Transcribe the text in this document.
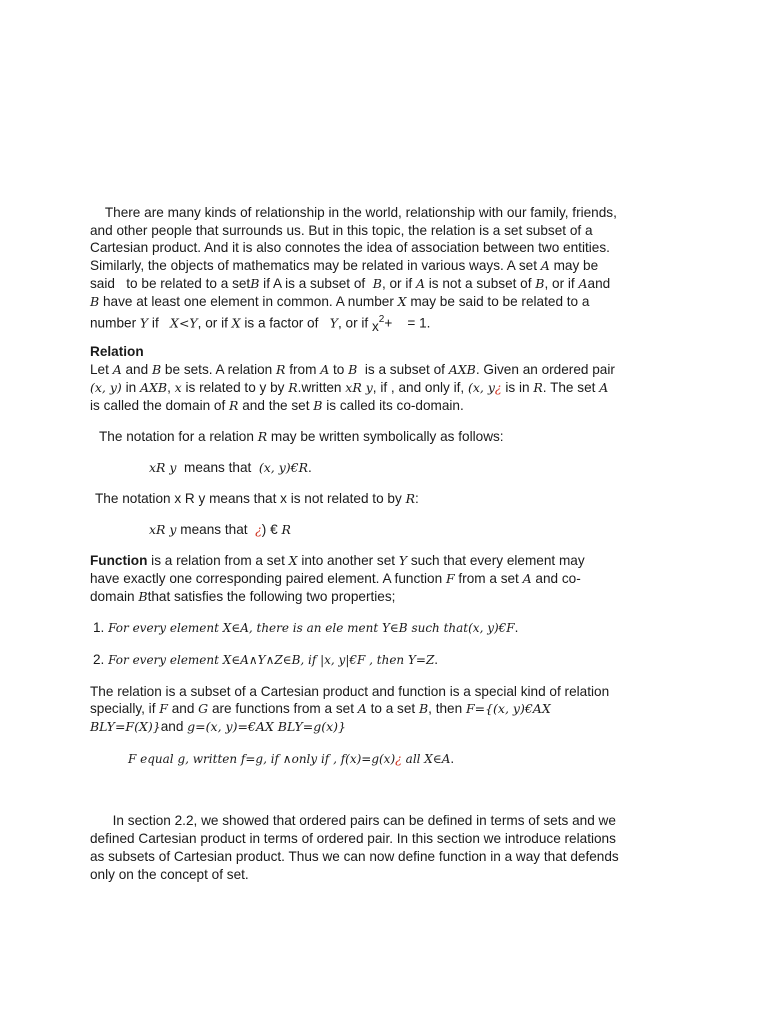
There are many kinds of relationship in the world, relationship with our family, friends,
and other people that surrounds us. But in this topic, the relation is a set subset of a
Cartesian product. And it is also connotes the idea of association between two entities.
Similarly, the objects of mathematics may be related in various ways. A set A may be
said   to be related to a setB if A is a subset of  B, or if A is not a subset of B, or if Aand
B have at least one element in common. A number X may be said to be related to a
number Y if   X<Y, or if X is a factor of   Y, or if $x^2+$    = 1.
Relation
Let A and B be sets. A relation R from A to B  is a subset of AXB. Given an ordered pair
(x, y) in AXB, x is related to y by R.written xR y, if , and only if, (x, y¿ is in R. The set A
is called the domain of R and the set B is called its co-domain.
The notation for a relation R may be written symbolically as follows:
xR y  means that  (x, y)€R.
The notation x R y means that x is not related to by R:
xR y means that  ¿) € R
Function is a relation from a set X into another set Y such that every element may
have exactly one corresponding paired element. A function F from a set A and co-
domain Bthat satisfies the following two properties;
1. For every element X∈A, there is an ele ment Y∈B such that(x, y)€F.
2. For every element X∈A∧Y∧Z∈B, if |x, y|€F , then Y=Z.
The relation is a subset of a Cartesian product and function is a special kind of relation
specially, if F and G are functions from a set A to a set B, then F={(x, y)€AX
BLY=F(X)}and g=(x, y)=€AX BLY=g(x)}
F equal g, written f=g, if ∧only if , f(x)=g(x)¿ all X∈A.
In section 2.2, we showed that ordered pairs can be defined in terms of sets and we
defined Cartesian product in terms of ordered pair. In this section we introduce relations
as subsets of Cartesian product. Thus we can now define function in a way that defends
only on the concept of set.
